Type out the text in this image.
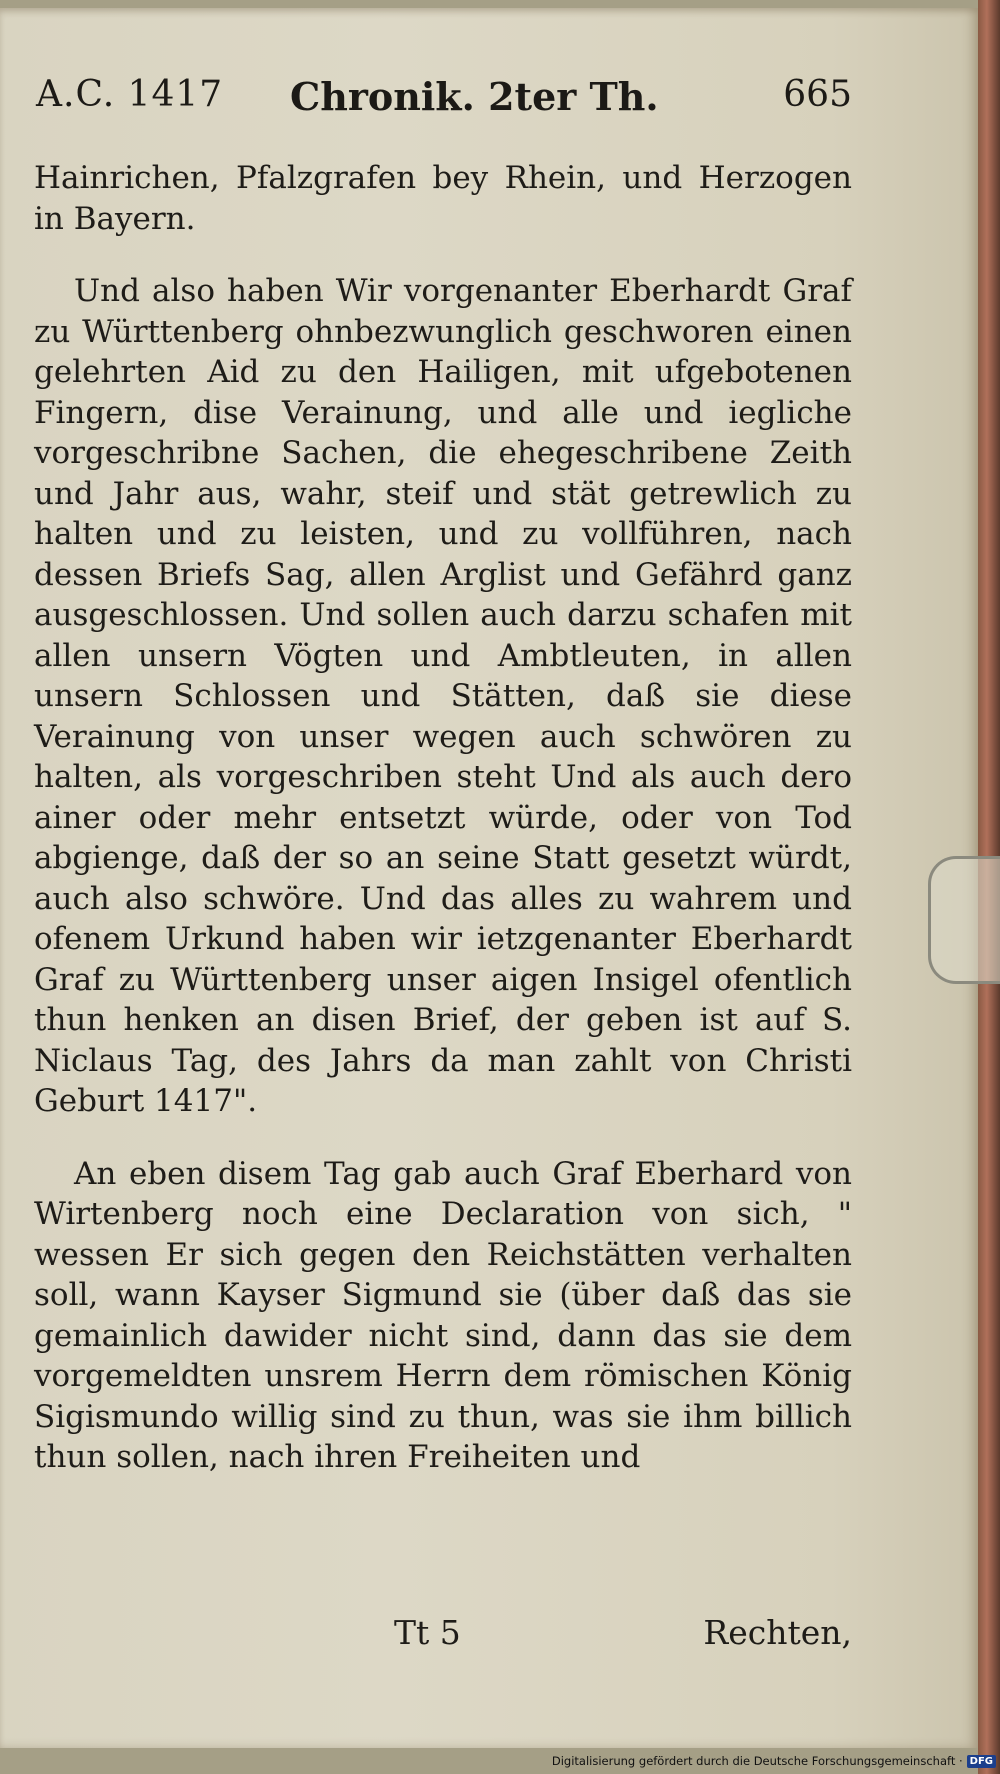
A.C. 1417 Chronik. 2ter Th.	665

Hainrichen, Pfalzgrafen bey Rhein, und Herzogen in Bayern.

Und also haben Wir vorgenanter Eberhardt Graf zu Württenberg ohnbezwunglich geschworen einen gelehrten Aid zu den Hailigen, mit ufgebotenen Fingern, dise Verainung, und alle und iegliche vorgeschribne Sachen, die ehegeschribene Zeith und Jahr aus, wahr, steif und stät getrewlich zu halten und zu leisten, und zu vollführen, nach dessen Briefs Sag, allen Arglist und Gefährd ganz ausgeschlossen. Und sollen auch darzu schafen mit allen unsern Vögten und Ambtleuten, in allen unsern Schlossen und Stätten, daß sie diese Verainung von unser wegen auch schwören zu halten, als vorgeschriben steht Und als auch dero ainer oder mehr entsetzt würde, oder von Tod abgienge, daß der so an seine Statt gesetzt würdt, auch also schwöre. Und das alles zu wahrem und ofenem Urkund haben wir ietzgenanter Eberhardt Graf zu Württenberg unser aigen Insigel ofentlich thun henken an disen Brief, der geben ist auf S. Niclaus Tag, des Jahrs da man zahlt von Christi Geburt 1417".

An eben disem Tag gab auch Graf Eberhard von Wirtenberg noch eine Declaration von sich, " wessen Er sich gegen den Reichstätten verhalten soll, wann Kayser Sigmund sie (über daß das sie gemainlich dawider nicht sind, dann das sie dem vorgemeldten unsrem Herrn dem römischen König Sigismundo willig sind zu thun, was sie ihm billich thun sollen, nach ihren Freiheiten und

Tt 5	Rechten,
Digitalisierung gefördert durch die Deutsche Forschungsgemeinschaft · DFG
